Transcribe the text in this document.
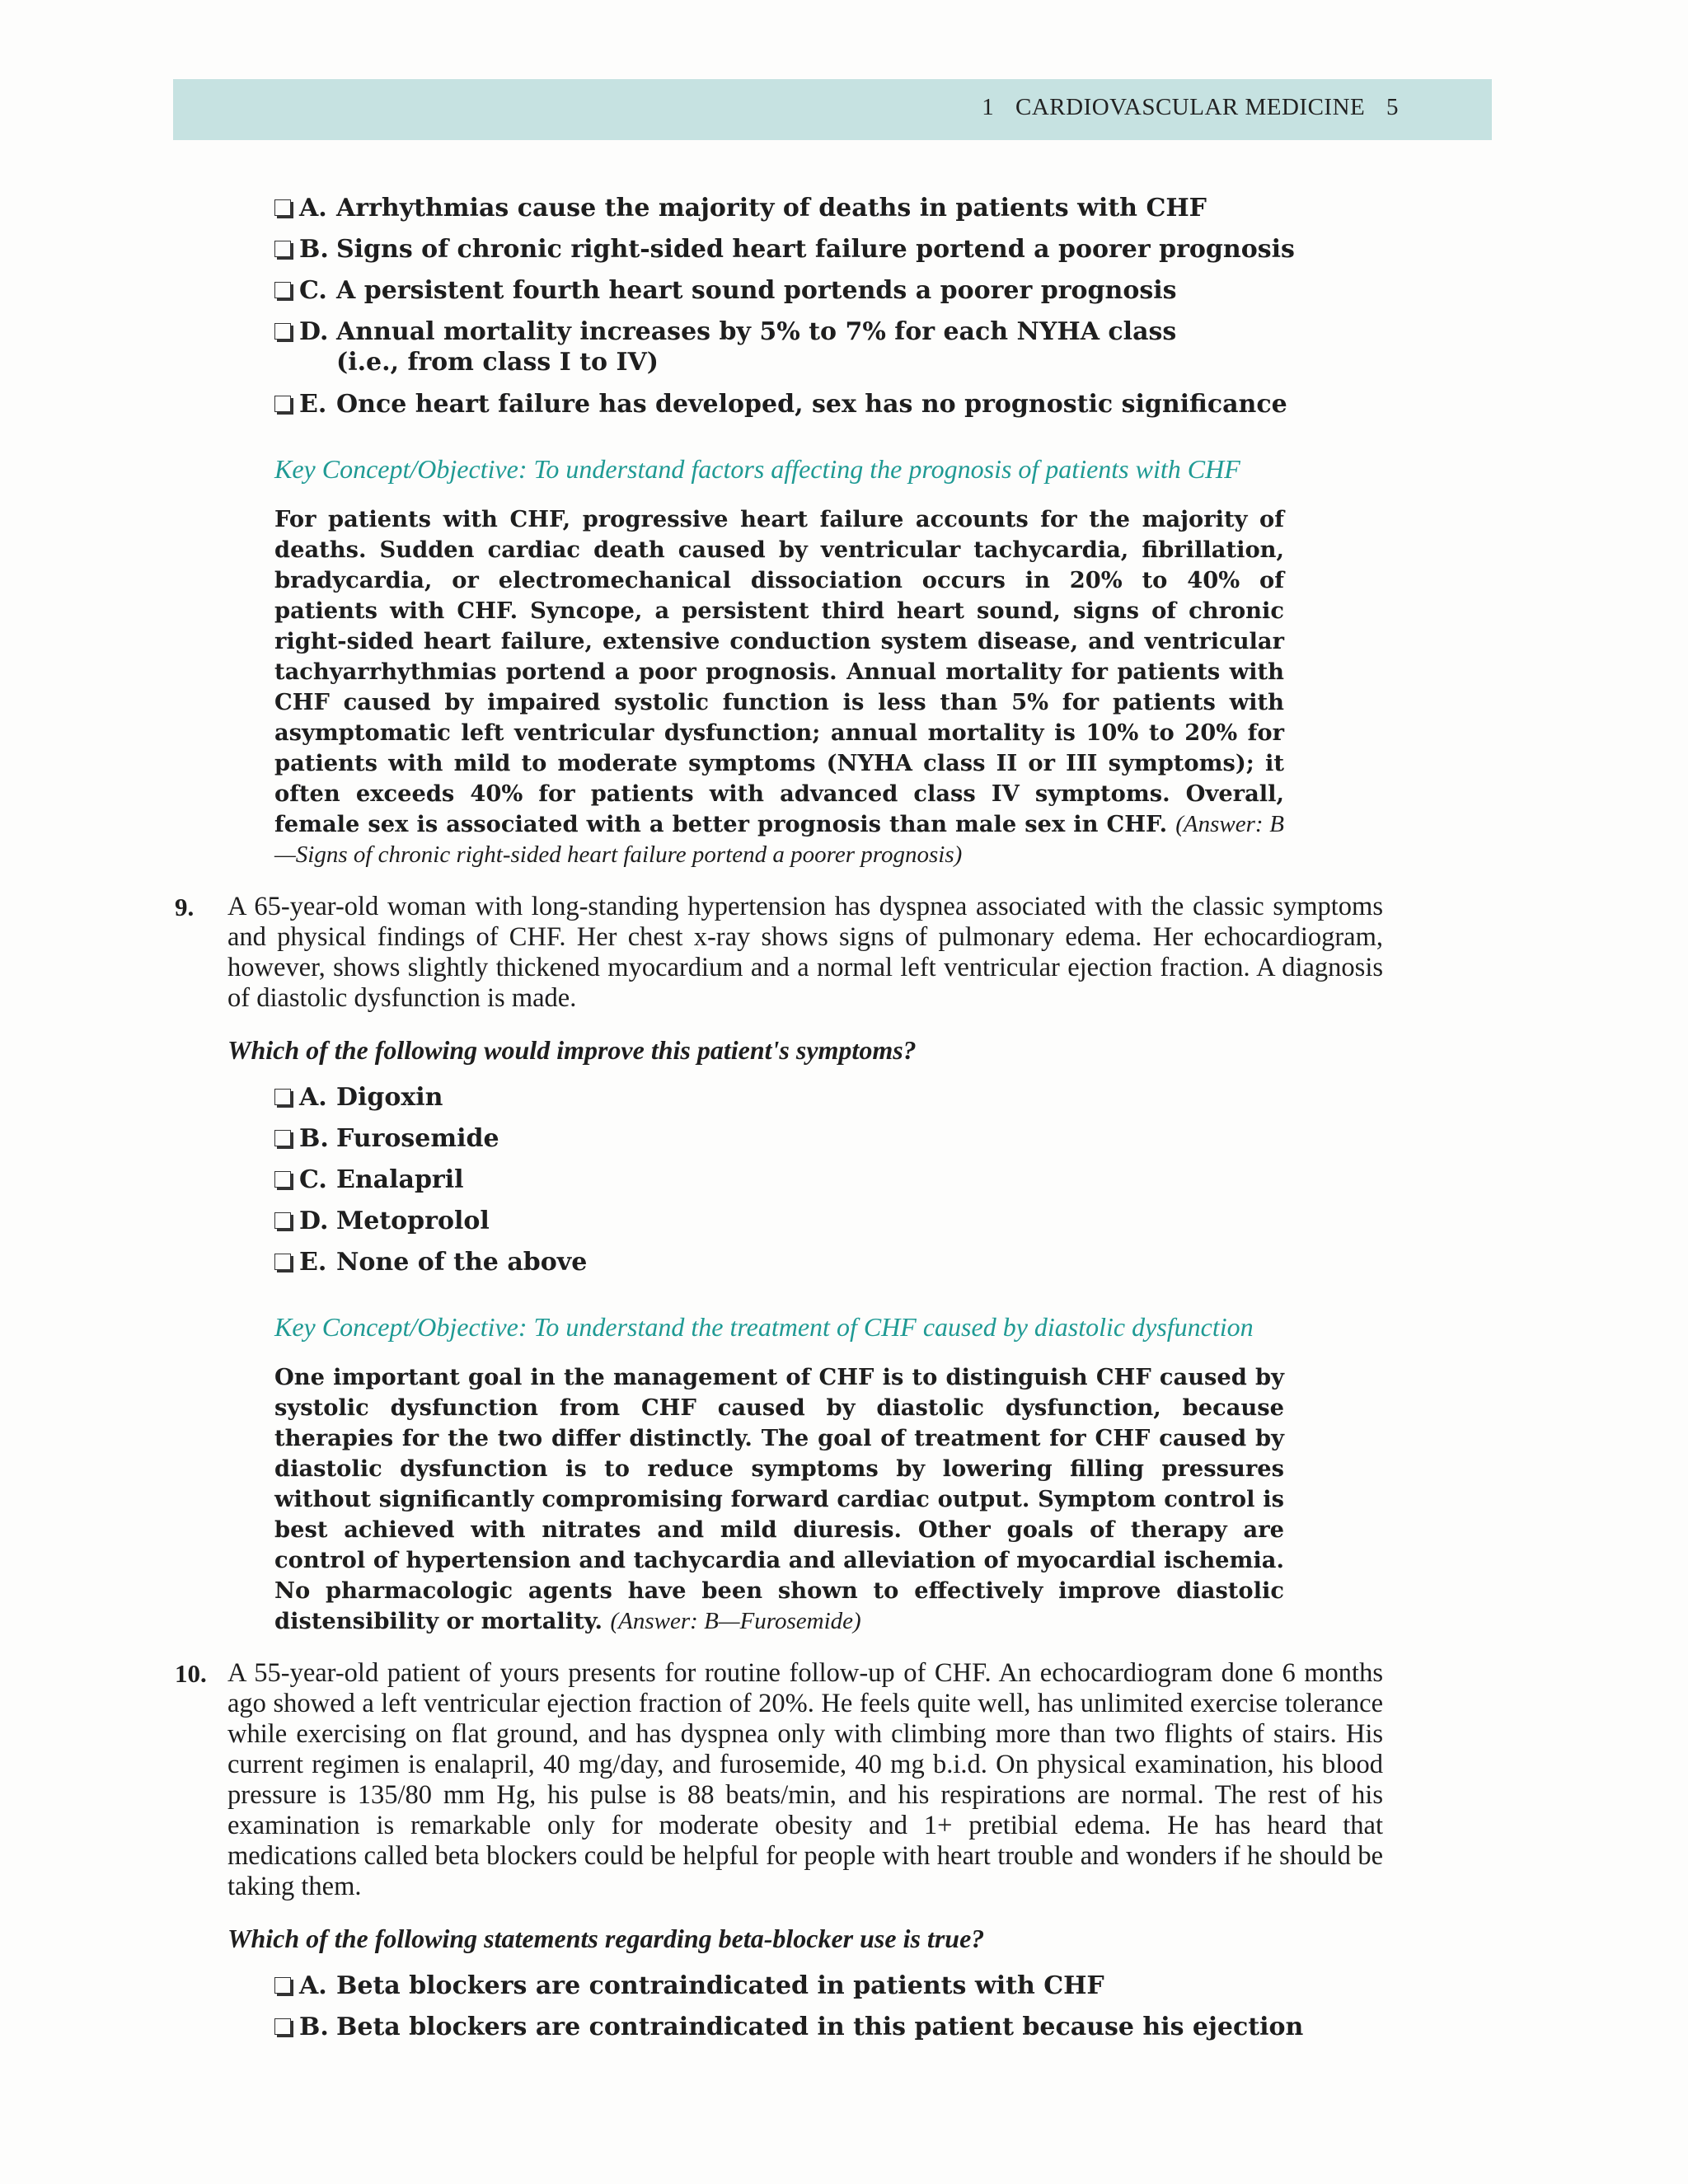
1 CARDIOVASCULAR MEDICINE 5
A. Arrhythmias cause the majority of deaths in patients with CHF
B. Signs of chronic right-sided heart failure portend a poorer prognosis
C. A persistent fourth heart sound portends a poorer prognosis
D. Annual mortality increases by 5% to 7% for each NYHA class (i.e., from class I to IV)
E. Once heart failure has developed, sex has no prognostic significance
Key Concept/Objective: To understand factors affecting the prognosis of patients with CHF
For patients with CHF, progressive heart failure accounts for the majority of deaths. Sudden cardiac death caused by ventricular tachycardia, fibrillation, bradycardia, or electromechanical dissociation occurs in 20% to 40% of patients with CHF. Syncope, a persistent third heart sound, signs of chronic right-sided heart failure, extensive conduction system disease, and ventricular tachyarrhythmias portend a poor prognosis. Annual mortality for patients with CHF caused by impaired systolic function is less than 5% for patients with asymptomatic left ventricular dysfunction; annual mortality is 10% to 20% for patients with mild to moderate symptoms (NYHA class II or III symptoms); it often exceeds 40% for patients with advanced class IV symptoms. Overall, female sex is associated with a better prognosis than male sex in CHF. (Answer: B—Signs of chronic right-sided heart failure portend a poorer prognosis)
9. A 65-year-old woman with long-standing hypertension has dyspnea associated with the classic symptoms and physical findings of CHF. Her chest x-ray shows signs of pulmonary edema. Her echocardiogram, however, shows slightly thickened myocardium and a normal left ventricular ejection fraction. A diagnosis of diastolic dysfunction is made.
Which of the following would improve this patient's symptoms?
A. Digoxin
B. Furosemide
C. Enalapril
D. Metoprolol
E. None of the above
Key Concept/Objective: To understand the treatment of CHF caused by diastolic dysfunction
One important goal in the management of CHF is to distinguish CHF caused by systolic dysfunction from CHF caused by diastolic dysfunction, because therapies for the two differ distinctly. The goal of treatment for CHF caused by diastolic dysfunction is to reduce symptoms by lowering filling pressures without significantly compromising forward cardiac output. Symptom control is best achieved with nitrates and mild diuresis. Other goals of therapy are control of hypertension and tachycardia and alleviation of myocardial ischemia. No pharmacologic agents have been shown to effectively improve diastolic distensibility or mortality. (Answer: B—Furosemide)
10. A 55-year-old patient of yours presents for routine follow-up of CHF. An echocardiogram done 6 months ago showed a left ventricular ejection fraction of 20%. He feels quite well, has unlimited exercise tolerance while exercising on flat ground, and has dyspnea only with climbing more than two flights of stairs. His current regimen is enalapril, 40 mg/day, and furosemide, 40 mg b.i.d. On physical examination, his blood pressure is 135/80 mm Hg, his pulse is 88 beats/min, and his respirations are normal. The rest of his examination is remarkable only for moderate obesity and 1+ pretibial edema. He has heard that medications called beta blockers could be helpful for people with heart trouble and wonders if he should be taking them.
Which of the following statements regarding beta-blocker use is true?
A. Beta blockers are contraindicated in patients with CHF
B. Beta blockers are contraindicated in this patient because his ejection
